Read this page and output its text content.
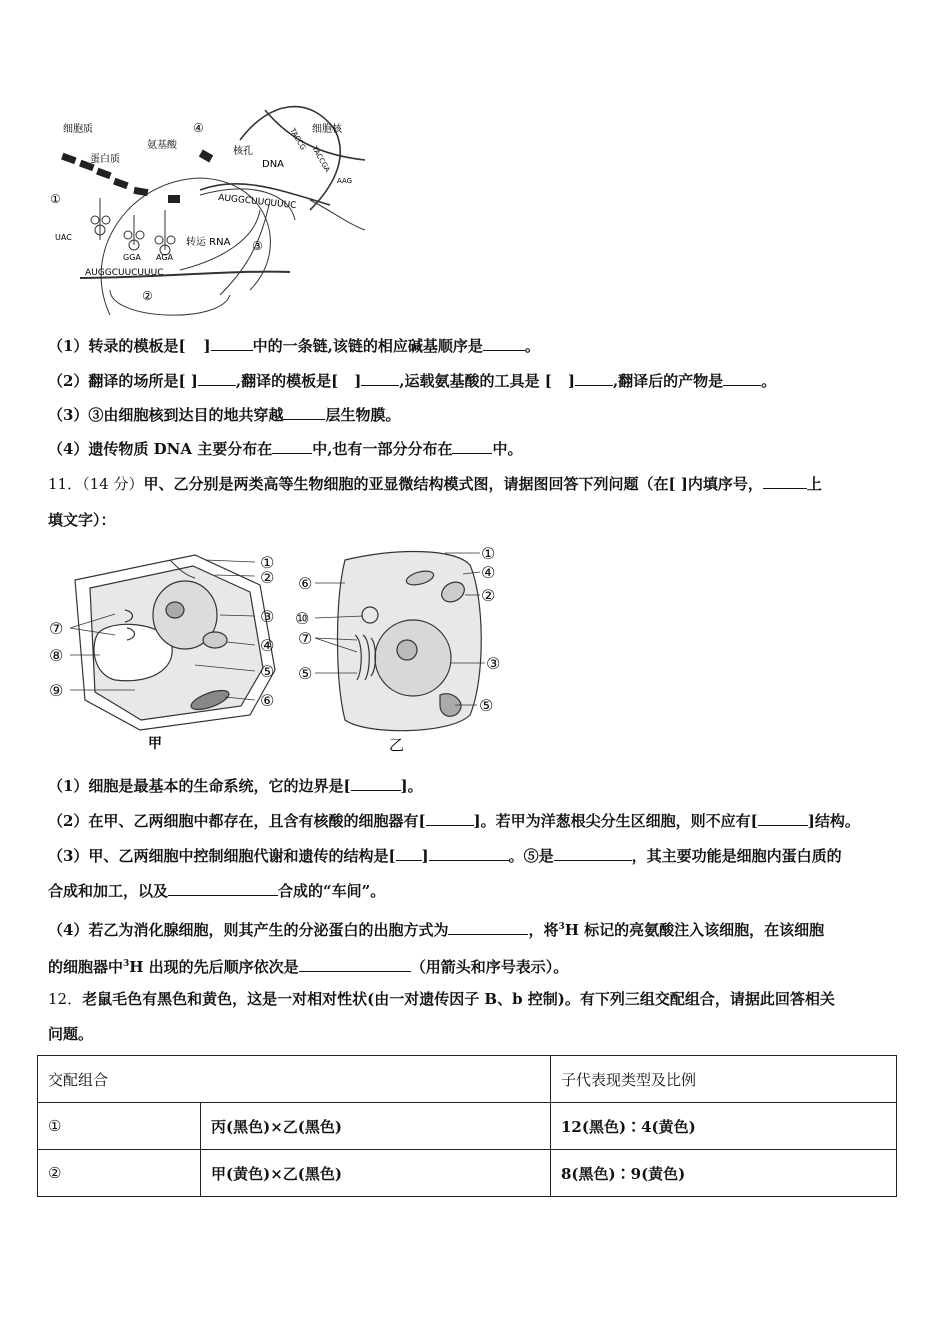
细胞质
蛋白质
氨基酸
细胞核
核孔
DNA
转运 RNA
①
②
③
④
UAC
GGA AGA
AUGGCUUCUUUC
AUGGCUUCUUUC
TACCG
TACCGA
AAG
（1）转录的模板是[ ]	中的一条链,该链的相应碱基顺序是	。
（2）翻译的场所是[ ]	,翻译的模板是[ ]	,运载氨基酸的工具是 [ ]	,翻译后的产物是	。
（3）③由细胞核到达目的地共穿越	层生物膜。
（4）遗传物质 DNA 主要分布在	中,也有一部分分布在	中。
11．（14 分）甲、乙分别是两类高等生物细胞的亚显微结构模式图，请据图回答下列问题（在[ ]内填序号，	上
填文字）：
①
②
③
④
⑤
⑥
⑦
⑧
⑨
甲
①
④
②
⑥
⑩
⑦
⑤
③
⑤
乙
（1）细胞是最基本的生命系统，它的边界是[	]。
（2）在甲、乙两细胞中都存在，且含有核酸的细胞器有[	]。若甲为洋葱根尖分生区细胞，则不应有[	]结构。
（3）甲、乙两细胞中控制细胞代谢和遗传的结构是[ ]	。⑤是	，其主要功能是细胞内蛋白质的
合成和加工，以及	合成的“车间”。
（4）若乙为消化腺细胞，则其产生的分泌蛋白的出胞方式为	，将$^3$H 标记的亮氨酸注入该细胞，在该细胞
的细胞器中$^3$H 出现的先后顺序依次是	（用箭头和序号表示）。
12．老鼠毛色有黑色和黄色，这是一对相对性状(由一对遗传因子 B、b 控制)。有下列三组交配组合，请据此回答相关
问题。
交配组合		子代表现类型及比例
①	丙(黑色)×乙(黑色)	12(黑色)∶4(黄色)
②	甲(黄色)×乙(黑色)	8(黑色)∶9(黄色)
